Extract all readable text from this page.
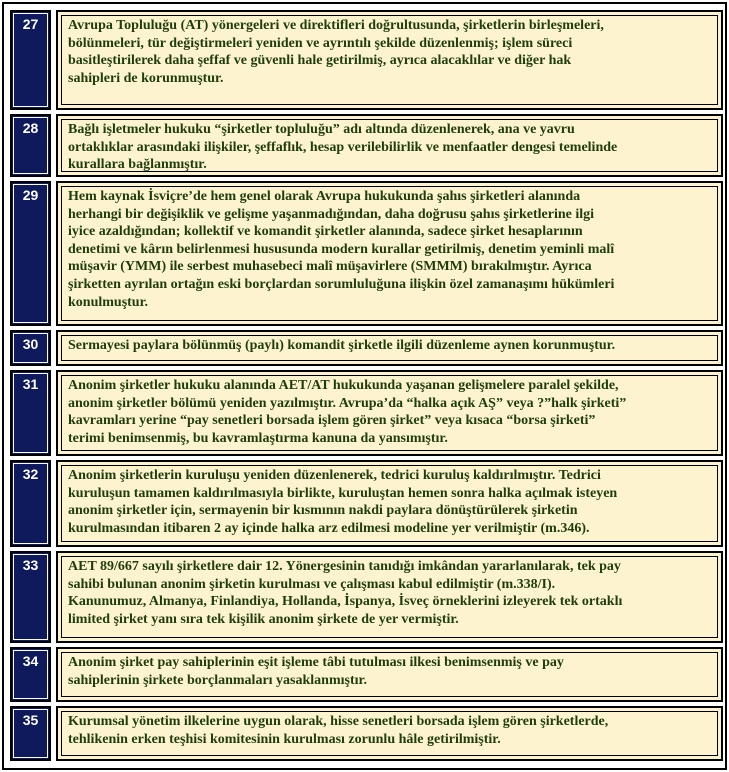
27	Avrupa Topluluğu (AT) yönergeleri ve direktifleri doğrultusunda, şirketlerin birleşmeleri,
bölünmeleri, tür değiştirmeleri yeniden ve ayrıntılı şekilde düzenlenmiş; işlem süreci
basitleştirilerek daha şeffaf ve güvenli hale getirilmiş, ayrıca alacaklılar ve diğer hak
sahipleri de korunmuştur.
28	Bağlı işletmeler hukuku “şirketler topluluğu” adı altında düzenlenerek, ana ve yavru
ortaklıklar arasındaki ilişkiler, şeffaflık, hesap verilebilirlik ve menfaatler dengesi temelinde
kurallara bağlanmıştır.
29	Hem kaynak İsviçre’de hem genel olarak Avrupa hukukunda şahıs şirketleri alanında
herhangi bir değişiklik ve gelişme yaşanmadığından, daha doğrusu şahıs şirketlerine ilgi
iyice azaldığından; kollektif ve komandit şirketler alanında, sadece şirket hesaplarının
denetimi ve kârın belirlenmesi hususunda modern kurallar getirilmiş, denetim yeminli malî
müşavir (YMM) ile serbest muhasebeci malî müşavirlere (SMMM) bırakılmıştır. Ayrıca
şirketten ayrılan ortağın eski borçlardan sorumluluğuna ilişkin özel zamanaşımı hükümleri
konulmuştur.
30	Sermayesi paylara bölünmüş (paylı) komandit şirketle ilgili düzenleme aynen korunmuştur.
31	Anonim şirketler hukuku alanında AET/AT hukukunda yaşanan gelişmelere paralel şekilde,
anonim şirketler bölümü yeniden yazılmıştır. Avrupa’da “halka açık AŞ” veya ?”halk şirketi”
kavramları yerine “pay senetleri borsada işlem gören şirket” veya kısaca “borsa şirketi”
terimi benimsenmiş, bu kavramlaştırma kanuna da yansımıştır.
32	Anonim şirketlerin kuruluşu yeniden düzenlenerek, tedrici kuruluş kaldırılmıştır. Tedrici
kuruluşun tamamen kaldırılmasıyla birlikte, kuruluştan hemen sonra halka açılmak isteyen
anonim şirketler için, sermayenin bir kısmının nakdi paylara dönüştürülerek şirketin
kurulmasından itibaren 2 ay içinde halka arz edilmesi modeline yer verilmiştir (m.346).
33	AET 89/667 sayılı şirketlere dair 12. Yönergesinin tanıdığı imkândan yararlanılarak, tek pay
sahibi bulunan anonim şirketin kurulması ve çalışması kabul edilmiştir (m.338/I).
Kanunumuz, Almanya, Finlandiya, Hollanda, İspanya, İsveç örneklerini izleyerek tek ortaklı
limited şirket yanı sıra tek kişilik anonim şirkete de yer vermiştir.
34	Anonim şirket pay sahiplerinin eşit işleme tâbi tutulması ilkesi benimsenmiş ve pay
sahiplerinin şirkete borçlanmaları yasaklanmıştır.
35	Kurumsal yönetim ilkelerine uygun olarak, hisse senetleri borsada işlem gören şirketlerde,
tehlikenin erken teşhisi komitesinin kurulması zorunlu hâle getirilmiştir.
